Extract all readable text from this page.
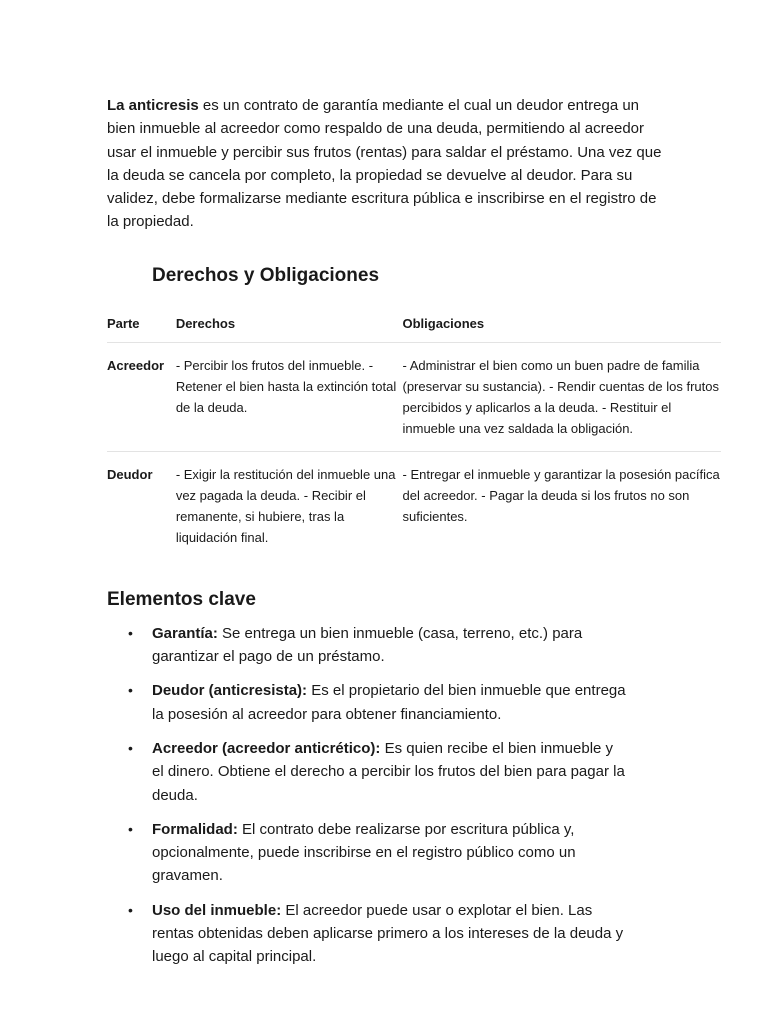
La anticresis es un contrato de garantía mediante el cual un deudor entrega un bien inmueble al acreedor como respaldo de una deuda, permitiendo al acreedor usar el inmueble y percibir sus frutos (rentas) para saldar el préstamo. Una vez que la deuda se cancela por completo, la propiedad se devuelve al deudor. Para su validez, debe formalizarse mediante escritura pública e inscribirse en el registro de la propiedad.

Derechos y Obligaciones
Parte	Derechos	Obligaciones
Acreedor	- Percibir los frutos del inmueble. - Retener el bien hasta la extinción total de la deuda.	- Administrar el bien como un buen padre de familia (preservar su sustancia). - Rendir cuentas de los frutos percibidos y aplicarlos a la deuda. - Restituir el inmueble una vez saldada la obligación.
Deudor	- Exigir la restitución del inmueble una vez pagada la deuda. - Recibir el remanente, si hubiere, tras la liquidación final.	- Entregar el inmueble y garantizar la posesión pacífica del acreedor. - Pagar la deuda si los frutos no son suficientes.
Elementos clave
• Garantía: Se entrega un bien inmueble (casa, terreno, etc.) para garantizar el pago de un préstamo.
• Deudor (anticresista): Es el propietario del bien inmueble que entrega la posesión al acreedor para obtener financiamiento.
• Acreedor (acreedor anticrético): Es quien recibe el bien inmueble y el dinero. Obtiene el derecho a percibir los frutos del bien para pagar la deuda.
• Formalidad: El contrato debe realizarse por escritura pública y, opcionalmente, puede inscribirse en el registro público como un gravamen.
• Uso del inmueble: El acreedor puede usar o explotar el bien. Las rentas obtenidas deben aplicarse primero a los intereses de la deuda y luego al capital principal.
